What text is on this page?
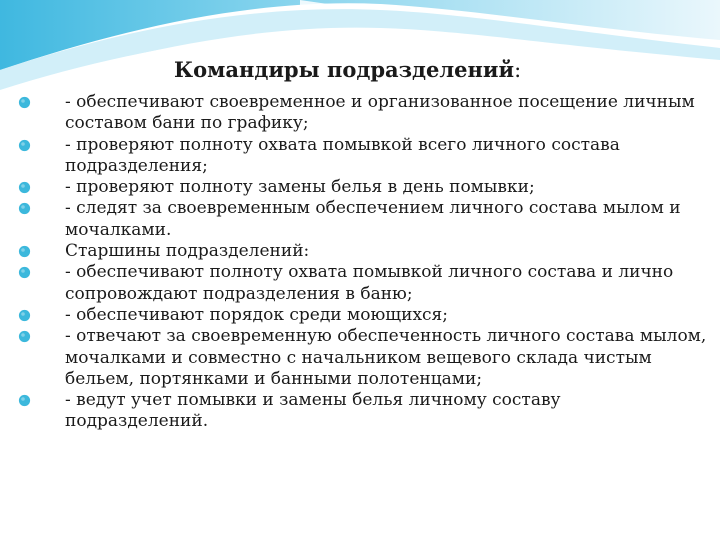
Командиры подразделений:
- обеспечивают своевременное и организованное посещение личным составом бани по графику;
- проверяют полноту охвата помывкой всего личного состава подразделения;
- проверяют полноту замены белья в день помывки;
- следят за своевременным обеспечением личного состава мылом и мочалками.
Старшины подразделений:
- обеспечивают полноту охвата помывкой личного состава и лично сопровождают подразделения в баню;
- обеспечивают порядок среди моющихся;
- отвечают за своевременную обеспеченность личного состава мылом, мочалками и совместно с начальником вещевого склада чистым бельем, портянками и банными полотенцами;
- ведут учет помывки и замены белья личному составу подразделений.
